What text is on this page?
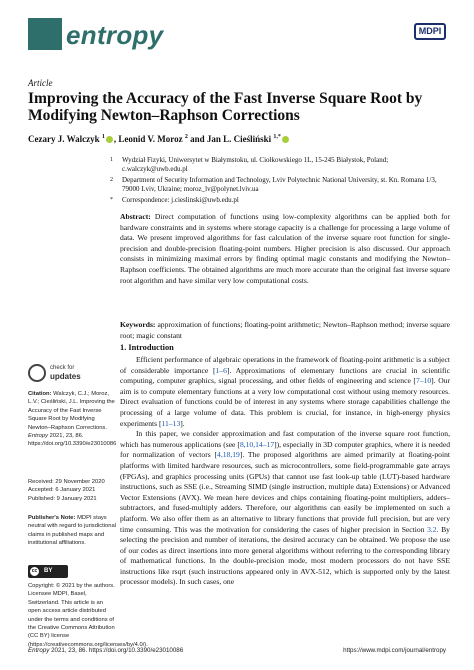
entropy	MDPI
Article
Improving the Accuracy of the Fast Inverse Square Root by Modifying Newton–Raphson Corrections
Cezary J. Walczyk $^1$ , Leonid V. Moroz $^2$ and Jan L. Cieśliński $^{1,*}$
1 Wydział Fizyki, Uniwersytet w Białymstoku, ul. Ciołkowskiego 1L, 15-245 Białystok, Poland; c.walczyk@uwb.edu.pl
2 Department of Security Information and Technology, Lviv Polytechnic National University, st. Kn. Romana 1/3, 79000 Lviv, Ukraine; moroz_lv@polynet.lviv.ua
* Correspondence: j.cieslinski@uwb.edu.pl
Abstract: Direct computation of functions using low-complexity algorithms can be applied both for hardware constraints and in systems where storage capacity is a challenge for processing a large volume of data. We present improved algorithms for fast calculation of the inverse square root function for single-precision and double-precision floating-point numbers. Higher precision is also discussed. Our approach consists in minimizing maximal errors by finding optimal magic constants and modifying the Newton–Raphson coefficients. The obtained algorithms are much more accurate than the original fast inverse square root algorithm and have similar very low computational costs.
Keywords: approximation of functions; floating-point arithmetic; Newton–Raphson method; inverse square root; magic constant
check for
updates
Citation: Walczyk, C.J.; Moroz, L.V.; Cieśliński, J.L. Improving the Accuracy of the Fast Inverse Square Root by Modifying Newton–Raphson Corrections. Entropy 2021, 23, 86. https://doi.org/10.3390/e23010086
Received: 29 November 2020
Accepted: 6 January 2021
Published: 9 January 2021
Publisher's Note: MDPI stays neutral with regard to jurisdictional claims in published maps and institutional affiliations.
cc	BY
Copyright: © 2021 by the authors. Licensee MDPI, Basel, Switzerland. This article is an open access article distributed under the terms and conditions of the Creative Commons Attribution (CC BY) license (https://creativecommons.org/licenses/by/4.0/).
1. Introduction

Efficient performance of algebraic operations in the framework of floating-point arithmetic is a subject of considerable importance [1–6]. Approximations of elementary functions are crucial in scientific computing, computer graphics, signal processing, and other fields of engineering and science [7–10]. Our aim is to compute elementary functions at a very low computational cost without using memory resources. Direct evaluation of functions could be of interest in any systems where storage capabilities challenge the processing of a large volume of data. This problem is crucial, for instance, in high-energy physics experiments [11–13].

In this paper, we consider approximation and fast computation of the inverse square root function, which has numerous applications (see [8,10,14–17]), especially in 3D computer graphics, where it is needed for normalization of vectors [4,18,19]. The proposed algorithms are aimed primarily at floating-point platforms with limited hardware resources, such as microcontrollers, some field-programmable gate arrays (FPGAs), and graphics processing units (GPUs) that cannot use fast look-up table (LUT)-based hardware instructions, such as SSE (i.e., Streaming SIMD (single instruction, multiple data) Extensions) or Advanced Vector Extensions (AVX). We mean here devices and chips containing floating-point multipliers, adders–subtractors, and fused-multiply adders. Therefore, our algorithms can easily be implemented on such a platform. We also offer them as an alternative to library functions that provide full precision, but are very time consuming. This was the motivation for considering the cases of higher precision in Section 3.2. By selecting the precision and number of iterations, the desired accuracy can be obtained. We propose the use of our codes as direct insertions into more general algorithms without referring to the corresponding library of mathematical functions. In the double-precision mode, most modern processors do not have SSE instructions like rsqrt (such instructions appeared only in AVX-512, which is supported only by the latest processor models). In such cases, one

Entropy 2021, 23, 86. https://doi.org/10.3390/e23010086	https://www.mdpi.com/journal/entropy
